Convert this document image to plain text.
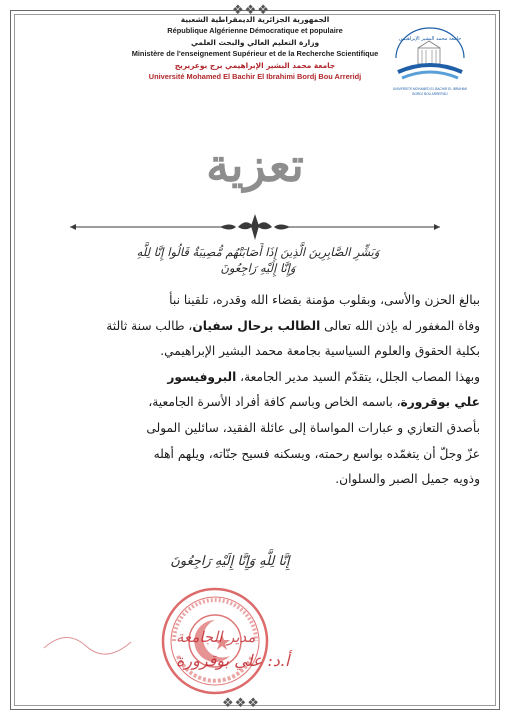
❖❖❖
❖❖❖
الجمهورية الجزائرية الديمقراطية الشعبية
République Algérienne Démocratique et populaire
وزارة التعليم العالي والبحث العلمي
Ministère de l'enseignement Supérieur et de la Recherche Scientifique
جامعة محمد البشير الإبراهيمي برج بوعريريج
Université Mohamed El Bachir El Ibrahimi Bordj Bou Arreridj
جامعة محمد البشير الإبراهيمي
UNIVERSITE MOHAMED EL BACHIR EL IBRAHIMI
BORDJ BOU ARRERIDJ
تعزية
وَبَشِّرِ الصَّابِرِينَ الَّذِينَ إِذَا أَصَابَتْهُم مُّصِيبَةٌ قَالُوا إِنَّا لِلَّهِ وَإِنَّا إِلَيْهِ رَاجِعُونَ

ببالغ الحزن والأسى، وبقلوب مؤمنة بقضاء الله وقدره، تلقينا نبأ

وفاة المغفور له بإذن الله تعالى الطالب برحال سفيان، طالب سنة ثالثة

بكلية الحقوق والعلوم السياسية بجامعة محمد البشير الإبراهيمي.

وبهذا المصاب الجلل، يتقدّم السيد مدير الجامعة، البروفيسور

علي بوقرورة، باسمه الخاص وباسم كافة أفراد الأسرة الجامعية،

بأصدق التعازي و عبارات المواساة إلى عائلة الفقيد، سائلين المولى

عزّ وجلّ أن يتغمّده بواسع رحمته، ويسكنه فسيح جنّاته، ويلهم أهله

وذويه جميل الصبر والسلوان.

إِنَّا لِلَّهِ وَإِنَّا إِلَيْهِ رَاجِعُونَ
مدير الجامعة
أ.د: علي بوقرورة
